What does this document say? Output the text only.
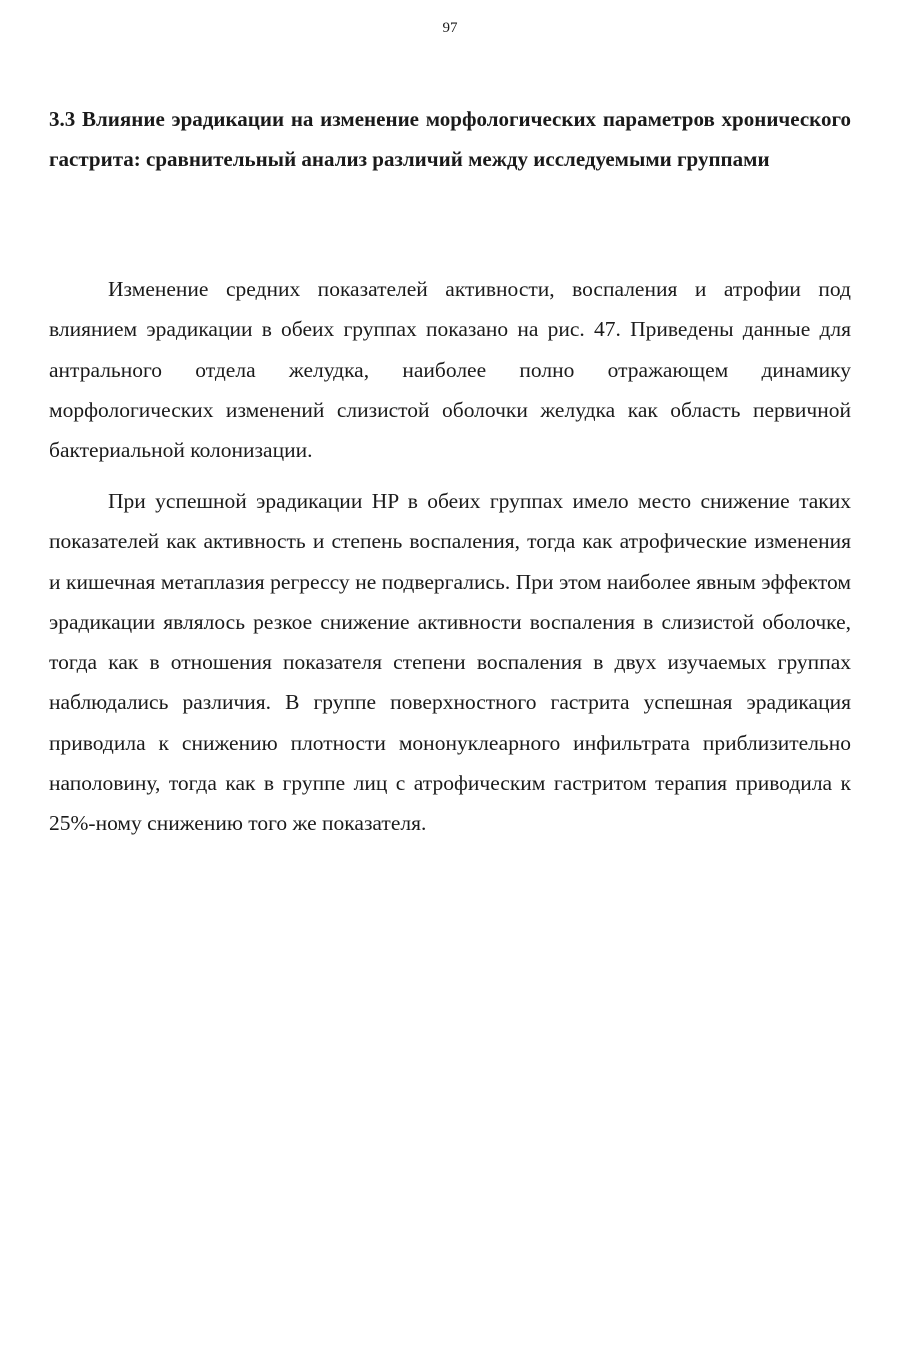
97
3.3 Влияние эрадикации на изменение морфологических параметров хронического гастрита: сравнительный анализ различий между исследуемыми группами

Изменение средних показателей активности, воспаления и атрофии под влиянием эрадикации в обеих группах показано на рис. 47. Приведены данные для антрального отдела желудка, наиболее полно отражающем динамику морфологических изменений слизистой оболочки желудка как область первичной бактериальной колонизации.

При успешной эрадикации HP в обеих группах имело место снижение таких показателей как активность и степень воспаления, тогда как атрофические изменения и кишечная метаплазия регрессу не подвергались. При этом наиболее явным эффектом эрадикации являлось резкое снижение активности воспаления в слизистой оболочке, тогда как в отношения показателя степени воспаления в двух изучаемых группах наблюдались различия. В группе поверхностного гастрита успешная эрадикация приводила к снижению плотности мононуклеарного инфильтрата приблизительно наполовину, тогда как в группе лиц с атрофическим гастритом терапия приводила к 25%-ному снижению того же показателя.
